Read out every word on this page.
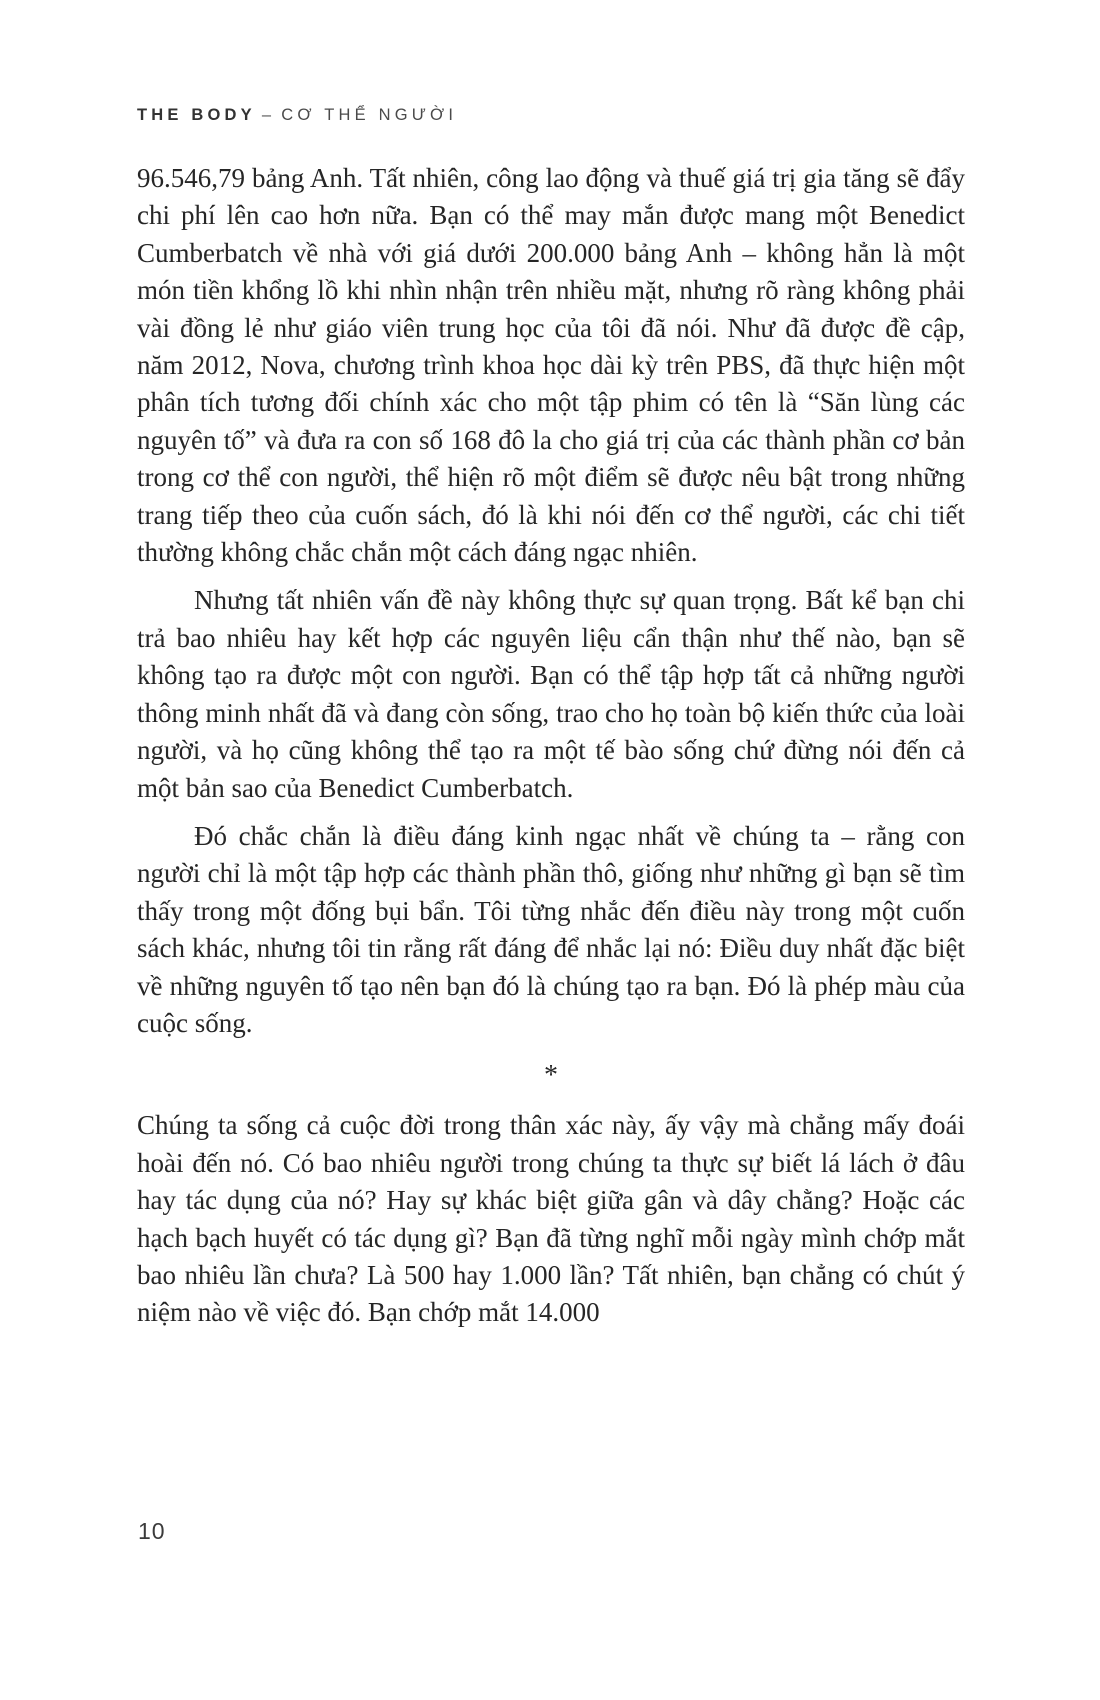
THE BODY – CƠ THỂ NGƯỜI

96.546,79 bảng Anh. Tất nhiên, công lao động và thuế giá trị gia tăng sẽ đẩy chi phí lên cao hơn nữa. Bạn có thể may mắn được mang một Benedict Cumberbatch về nhà với giá dưới 200.000 bảng Anh – không hẳn là một món tiền khổng lồ khi nhìn nhận trên nhiều mặt, nhưng rõ ràng không phải vài đồng lẻ như giáo viên trung học của tôi đã nói. Như đã được đề cập, năm 2012, Nova, chương trình khoa học dài kỳ trên PBS, đã thực hiện một phân tích tương đối chính xác cho một tập phim có tên là “Săn lùng các nguyên tố” và đưa ra con số 168 đô la cho giá trị của các thành phần cơ bản trong cơ thể con người, thể hiện rõ một điểm sẽ được nêu bật trong những trang tiếp theo của cuốn sách, đó là khi nói đến cơ thể người, các chi tiết thường không chắc chắn một cách đáng ngạc nhiên.

Nhưng tất nhiên vấn đề này không thực sự quan trọng. Bất kể bạn chi trả bao nhiêu hay kết hợp các nguyên liệu cẩn thận như thế nào, bạn sẽ không tạo ra được một con người. Bạn có thể tập hợp tất cả những người thông minh nhất đã và đang còn sống, trao cho họ toàn bộ kiến thức của loài người, và họ cũng không thể tạo ra một tế bào sống chứ đừng nói đến cả một bản sao của Benedict Cumberbatch.

Đó chắc chắn là điều đáng kinh ngạc nhất về chúng ta – rằng con người chỉ là một tập hợp các thành phần thô, giống như những gì bạn sẽ tìm thấy trong một đống bụi bẩn. Tôi từng nhắc đến điều này trong một cuốn sách khác, nhưng tôi tin rằng rất đáng để nhắc lại nó: Điều duy nhất đặc biệt về những nguyên tố tạo nên bạn đó là chúng tạo ra bạn. Đó là phép màu của cuộc sống.

*

Chúng ta sống cả cuộc đời trong thân xác này, ấy vậy mà chẳng mấy đoái hoài đến nó. Có bao nhiêu người trong chúng ta thực sự biết lá lách ở đâu hay tác dụng của nó? Hay sự khác biệt giữa gân và dây chằng? Hoặc các hạch bạch huyết có tác dụng gì? Bạn đã từng nghĩ mỗi ngày mình chớp mắt bao nhiêu lần chưa? Là 500 hay 1.000 lần? Tất nhiên, bạn chẳng có chút ý niệm nào về việc đó. Bạn chớp mắt 14.000

10
